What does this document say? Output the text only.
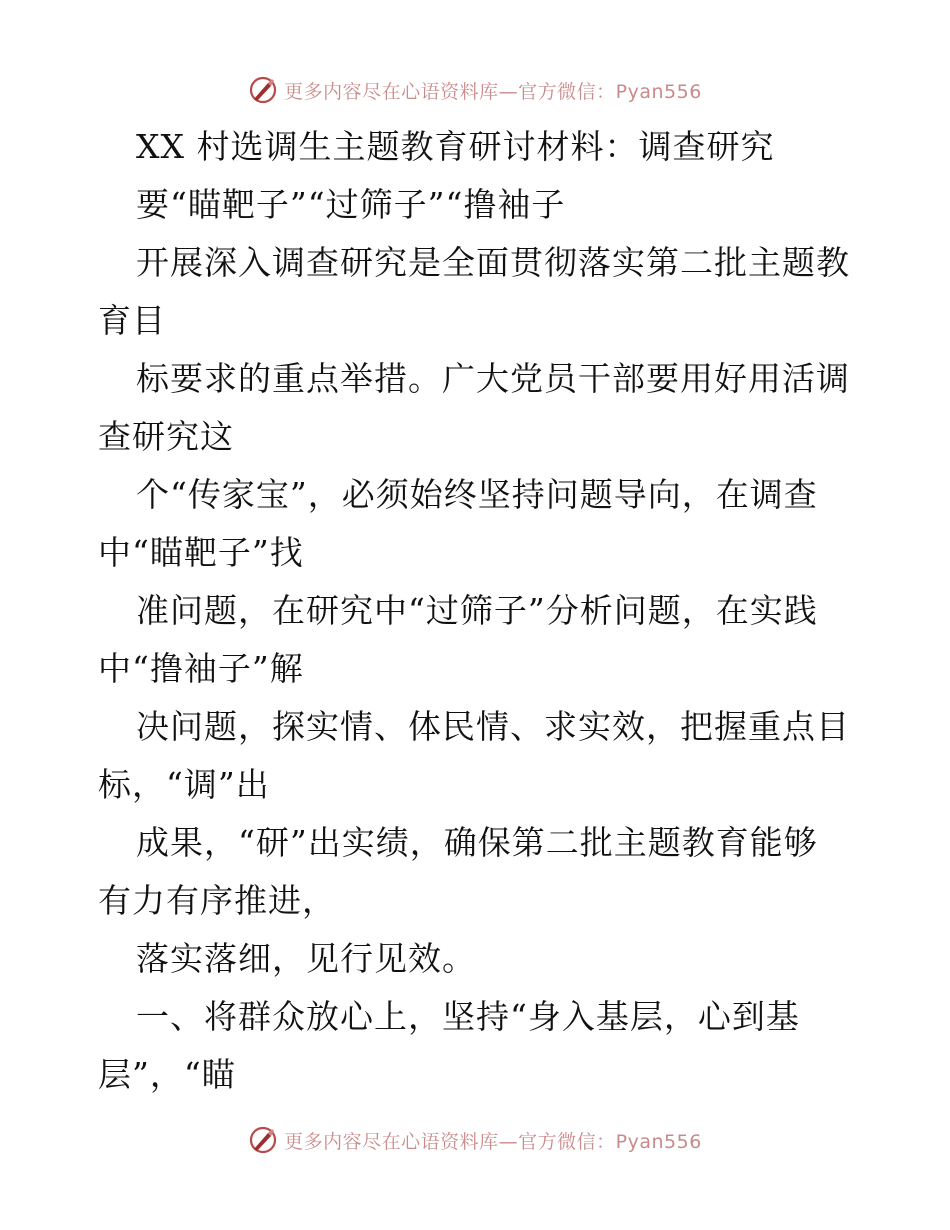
更多内容尽在心语资料库—官方微信：Pyan556
XX 村选调生主题教育研讨材料：调查研究
要“瞄靶子”“过筛子”“撸袖子
开展深入调查研究是全面贯彻落实第二批主题教
育目
标要求的重点举措。广大党员干部要用好用活调
查研究这
个“传家宝”，必须始终坚持问题导向，在调查
中“瞄靶子”找
准问题，在研究中“过筛子”分析问题，在实践
中“撸袖子”解
决问题，探实情、体民情、求实效，把握重点目
标，“调”出
成果，“研”出实绩，确保第二批主题教育能够
有力有序推进，
落实落细，见行见效。
一、将群众放心上，坚持“身入基层，心到基
层”，“瞄
更多内容尽在心语资料库—官方微信：Pyan556
